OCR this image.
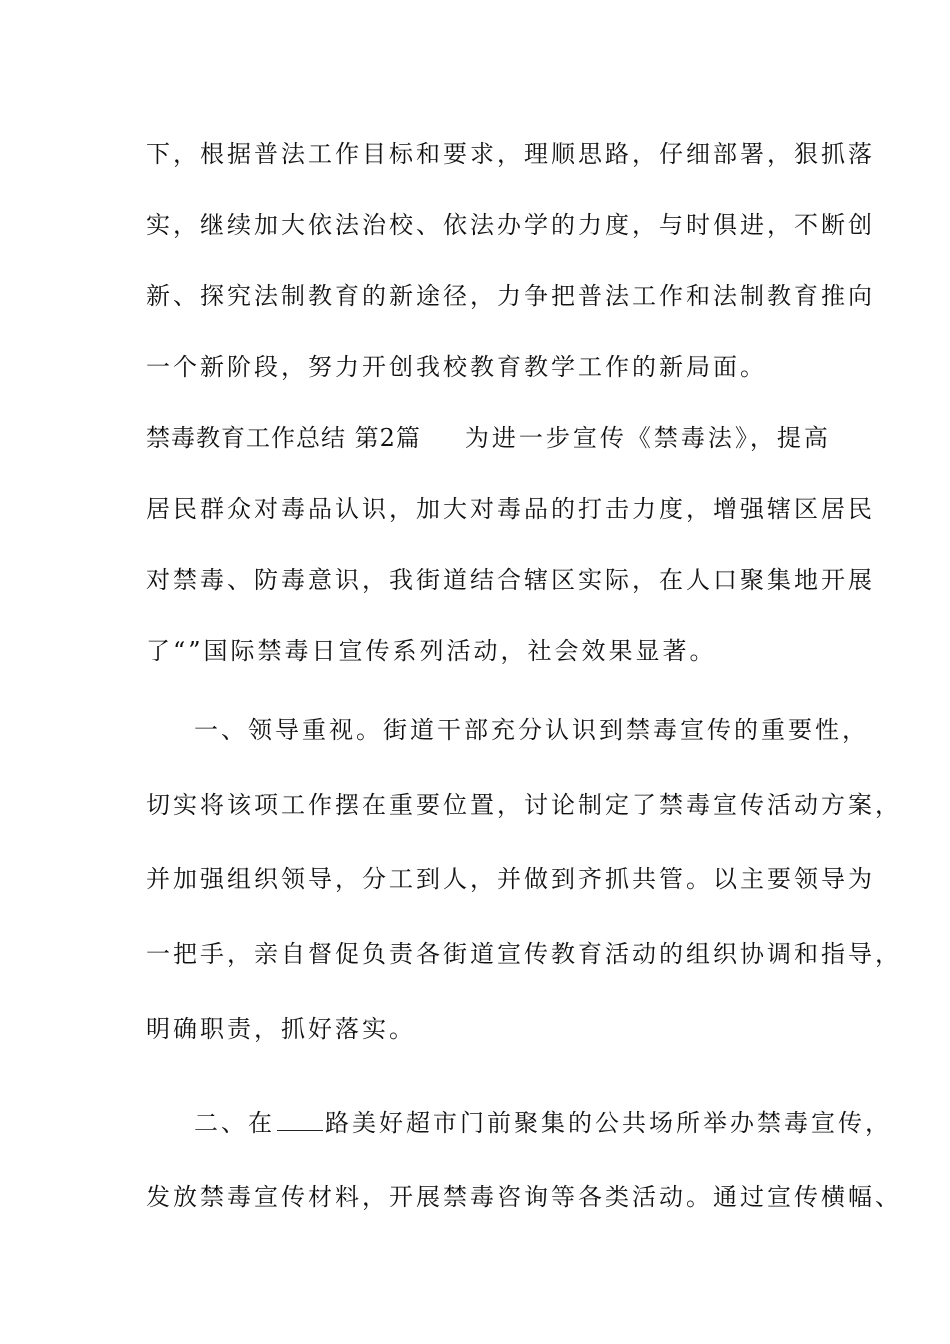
下，根据普法工作目标和要求，理顺思路，仔细部署，狠抓落
实，继续加大依法治校、依法办学的力度，与时俱进，不断创
新、探究法制教育的新途径，力争把普法工作和法制教育推向
一个新阶段，努力开创我校教育教学工作的新局面。
禁毒教育工作总结 第2篇 为进一步宣传《禁毒法》，提高
居民群众对毒品认识，加大对毒品的打击力度，增强辖区居民
对禁毒、防毒意识，我街道结合辖区实际，在人口聚集地开展
了“”国际禁毒日宣传系列活动，社会效果显著。
一、领导重视。街道干部充分认识到禁毒宣传的重要性，
切实将该项工作摆在重要位置，讨论制定了禁毒宣传活动方案，
并加强组织领导，分工到人，并做到齐抓共管。以主要领导为
一把手，亲自督促负责各街道宣传教育活动的组织协调和指导，
明确职责，抓好落实。
二、在 路美好超市门前聚集的公共场所举办禁毒宣传，
发放禁毒宣传材料，开展禁毒咨询等各类活动。通过宣传横幅、
